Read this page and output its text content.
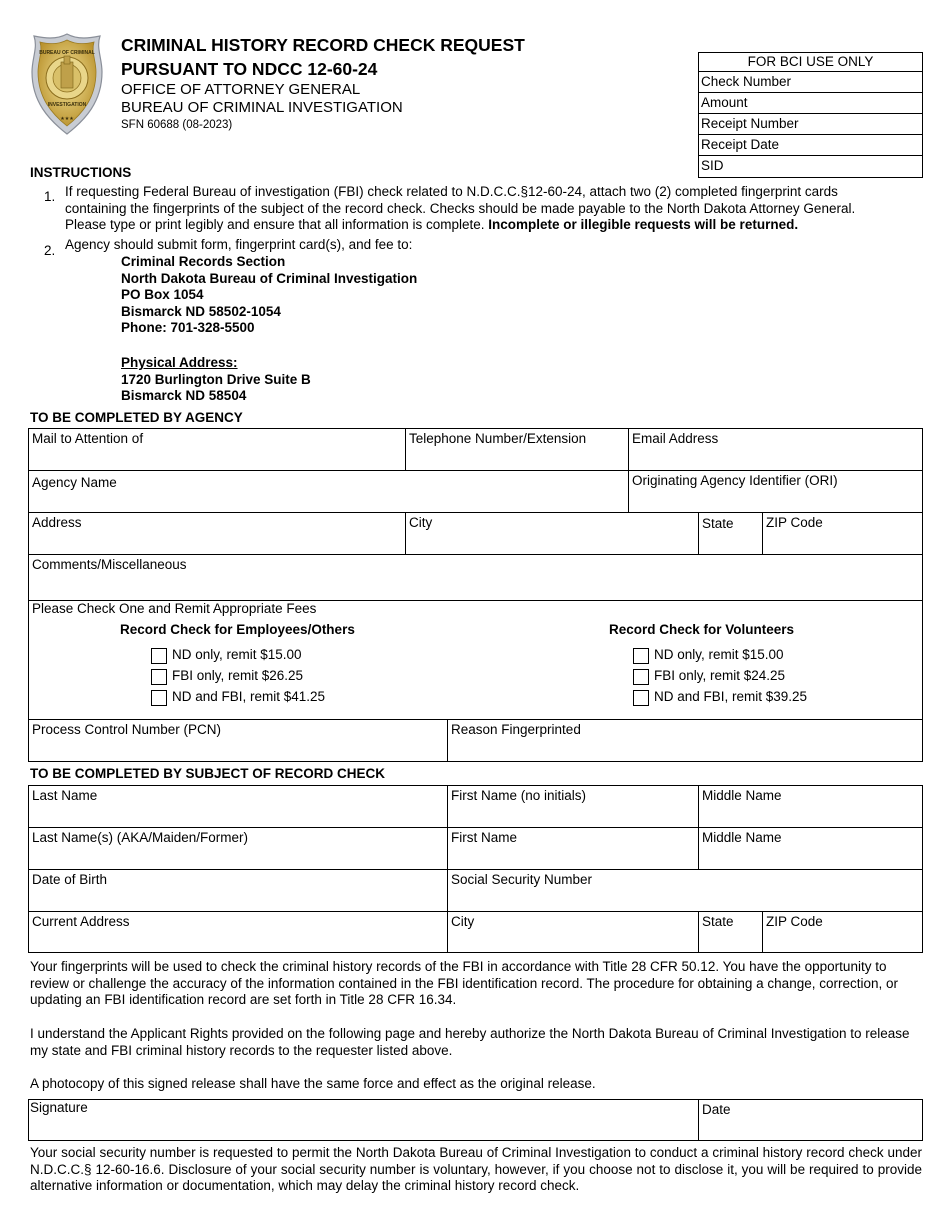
BUREAU OF CRIMINAL
INVESTIGATION
★★★
CRIMINAL HISTORY RECORD CHECK REQUEST
PURSUANT TO NDCC 12-60-24
OFFICE OF ATTORNEY GENERAL
BUREAU OF CRIMINAL INVESTIGATION
SFN 60688 (08-2023)
FOR BCI USE ONLY
Check Number
Amount
Receipt Number
Receipt Date
SID
INSTRUCTIONS
1. If requesting Federal Bureau of investigation (FBI) check related to N.D.C.C.§12-60-24, attach two (2) completed fingerprint cards
containing the fingerprints of the subject of the record check. Checks should be made payable to the North Dakota Attorney General.
Please type or print legibly and ensure that all information is complete. Incomplete or illegible requests will be returned.
2. Agency should submit form, fingerprint card(s), and fee to:
Criminal Records Section
North Dakota Bureau of Criminal Investigation
PO Box 1054
Bismarck ND 58502-1054
Phone: 701-328-5500
Physical Address:
1720 Burlington Drive Suite B
Bismarck ND 58504
TO BE COMPLETED BY AGENCY
Mail to Attention of	Telephone Number/Extension	Email Address
Agency Name	Originating Agency Identifier (ORI)
Address	City	State ZIP Code
Comments/Miscellaneous
Please Check One and Remit Appropriate Fees
Record Check for Employees/Others	Record Check for Volunteers
ND only, remit $15.00
FBI only, remit $26.25
ND and FBI, remit $41.25
ND only, remit $15.00
FBI only, remit $24.25
ND and FBI, remit $39.25
Process Control Number (PCN)	Reason Fingerprinted
TO BE COMPLETED BY SUBJECT OF RECORD CHECK
Last Name	First Name (no initials)	Middle Name
Last Name(s) (AKA/Maiden/Former)	First Name	Middle Name
Date of Birth	Social Security Number
Current Address	City	State ZIP Code
Your fingerprints will be used to check the criminal history records of the FBI in accordance with Title 28 CFR 50.12. You have the opportunity to review or challenge the accuracy of the information contained in the FBI identification record. The procedure for obtaining a change, correction, or updating an FBI identification record are set forth in Title 28 CFR 16.34.
I understand the Applicant Rights provided on the following page and hereby authorize the North Dakota Bureau of Criminal Investigation to release my state and FBI criminal history records to the requester listed above.
A photocopy of this signed release shall have the same force and effect as the original release.
Signature	Date
Your social security number is requested to permit the North Dakota Bureau of Criminal Investigation to conduct a criminal history record check under N.D.C.C.§ 12-60-16.6. Disclosure of your social security number is voluntary, however, if you choose not to disclose it, you will be required to provide alternative information or documentation, which may delay the criminal history record check.
